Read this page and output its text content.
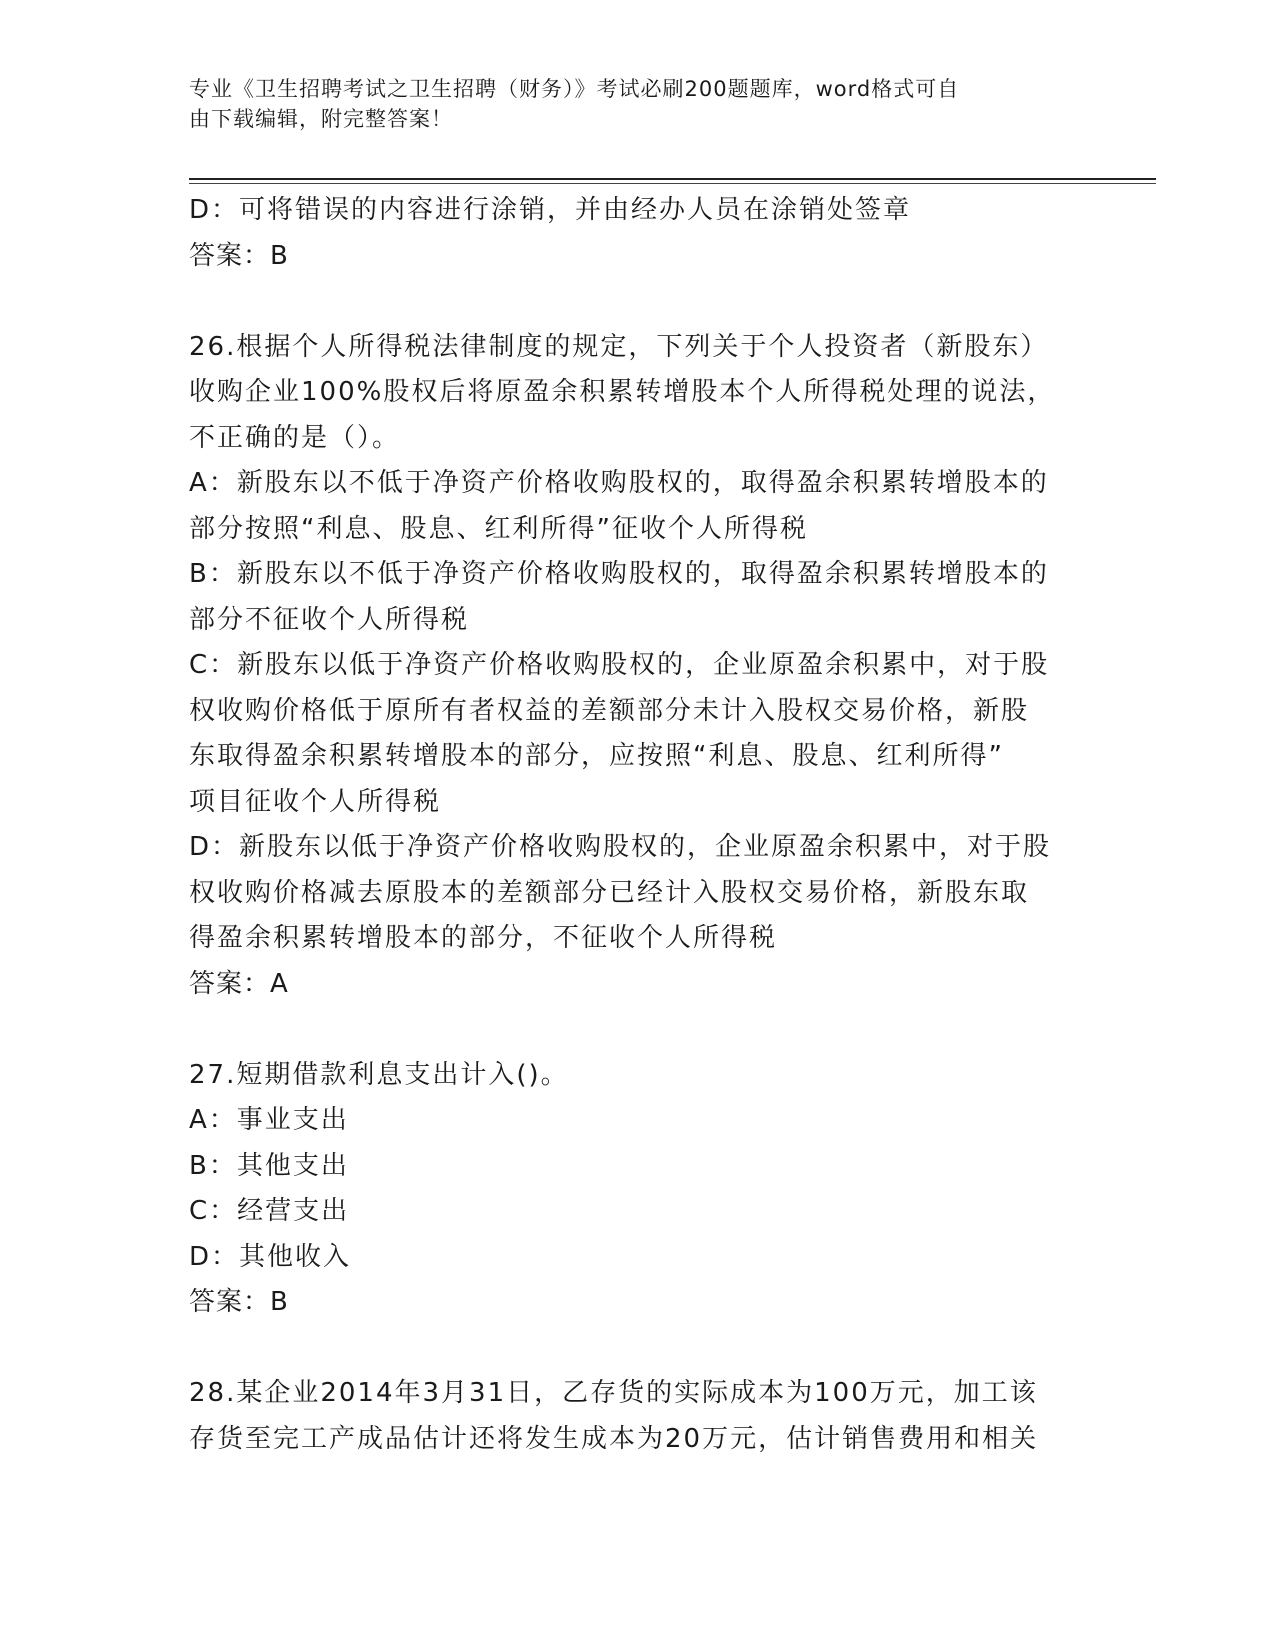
专业《卫生招聘考试之卫生招聘（财务）》考试必刷200题题库，word格式可自
由下载编辑，附完整答案！
D：可将错误的内容进行涂销，并由经办人员在涂销处签章
答案：B
26.根据个人所得税法律制度的规定，下列关于个人投资者（新股东）
收购企业100%股权后将原盈余积累转增股本个人所得税处理的说法，
不正确的是（）。
A：新股东以不低于净资产价格收购股权的，取得盈余积累转增股本的
部分按照“利息、股息、红利所得”征收个人所得税
B：新股东以不低于净资产价格收购股权的，取得盈余积累转增股本的
部分不征收个人所得税
C：新股东以低于净资产价格收购股权的，企业原盈余积累中，对于股
权收购价格低于原所有者权益的差额部分未计入股权交易价格，新股
东取得盈余积累转增股本的部分，应按照“利息、股息、红利所得”
项目征收个人所得税
D：新股东以低于净资产价格收购股权的，企业原盈余积累中，对于股
权收购价格减去原股本的差额部分已经计入股权交易价格，新股东取
得盈余积累转增股本的部分，不征收个人所得税
答案：A
27.短期借款利息支出计入()。
A：事业支出
B：其他支出
C：经营支出
D：其他收入
答案：B
28.某企业2014年3月31日，乙存货的实际成本为100万元，加工该
存货至完工产成品估计还将发生成本为20万元，估计销售费用和相关
